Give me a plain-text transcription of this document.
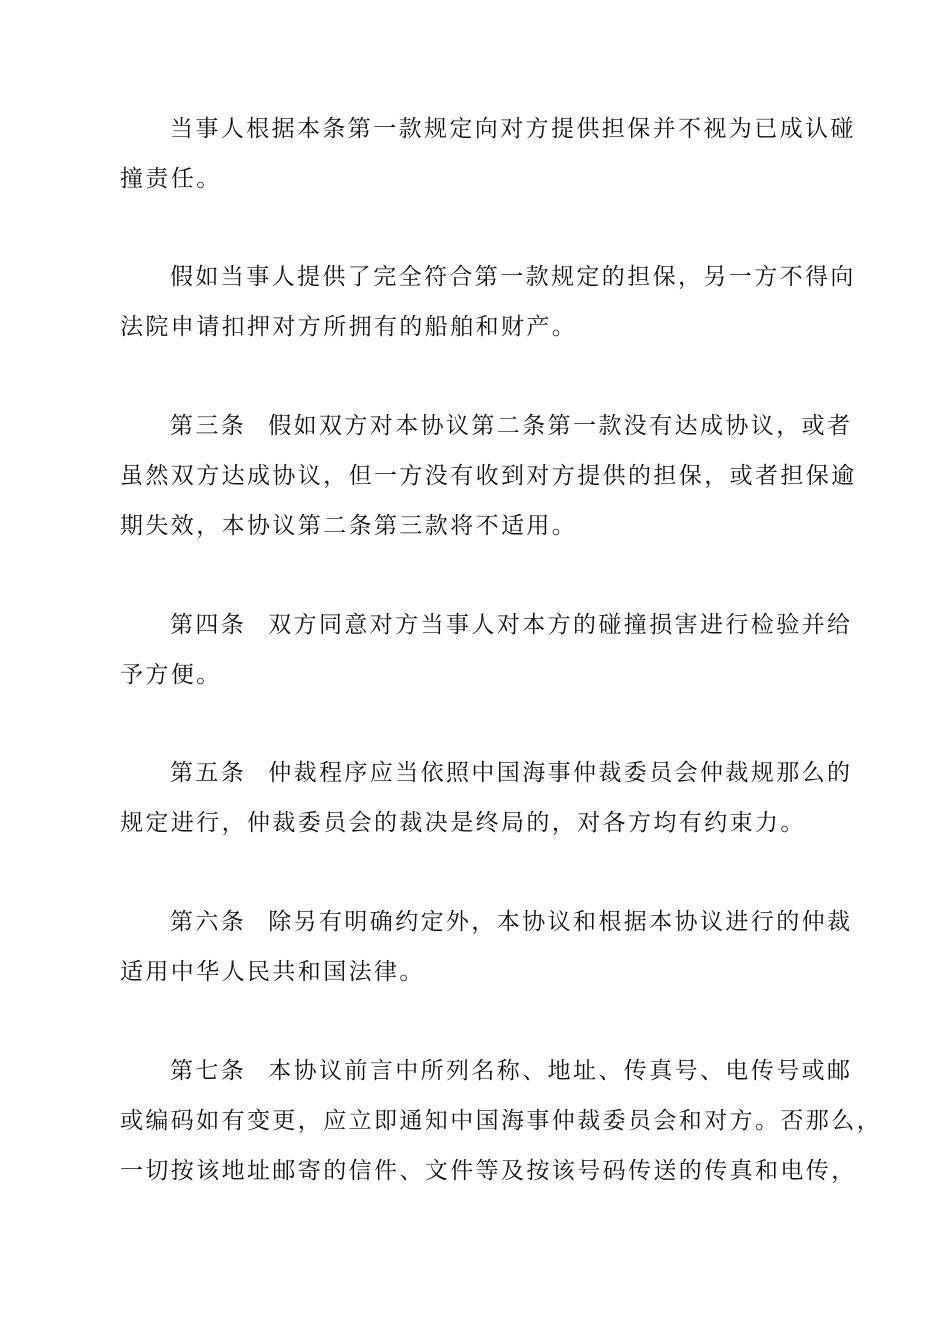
当事人根据本条第一款规定向对方提供担保并不视为已成认碰
撞责任。
假如当事人提供了完全符合第一款规定的担保，另一方不得向
法院申请扣押对方所拥有的船舶和财产。
第三条 假如双方对本协议第二条第一款没有达成协议，或者
虽然双方达成协议，但一方没有收到对方提供的担保，或者担保逾
期失效，本协议第二条第三款将不适用。
第四条 双方同意对方当事人对本方的碰撞损害进行检验并给
予方便。
第五条 仲裁程序应当依照中国海事仲裁委员会仲裁规那么的
规定进行，仲裁委员会的裁决是终局的，对各方均有约束力。
第六条 除另有明确约定外，本协议和根据本协议进行的仲裁
适用中华人民共和国法律。
第七条 本协议前言中所列名称、地址、传真号、电传号或邮
或编码如有变更，应立即通知中国海事仲裁委员会和对方。否那么，
一切按该地址邮寄的信件、文件等及按该号码传送的传真和电传，
